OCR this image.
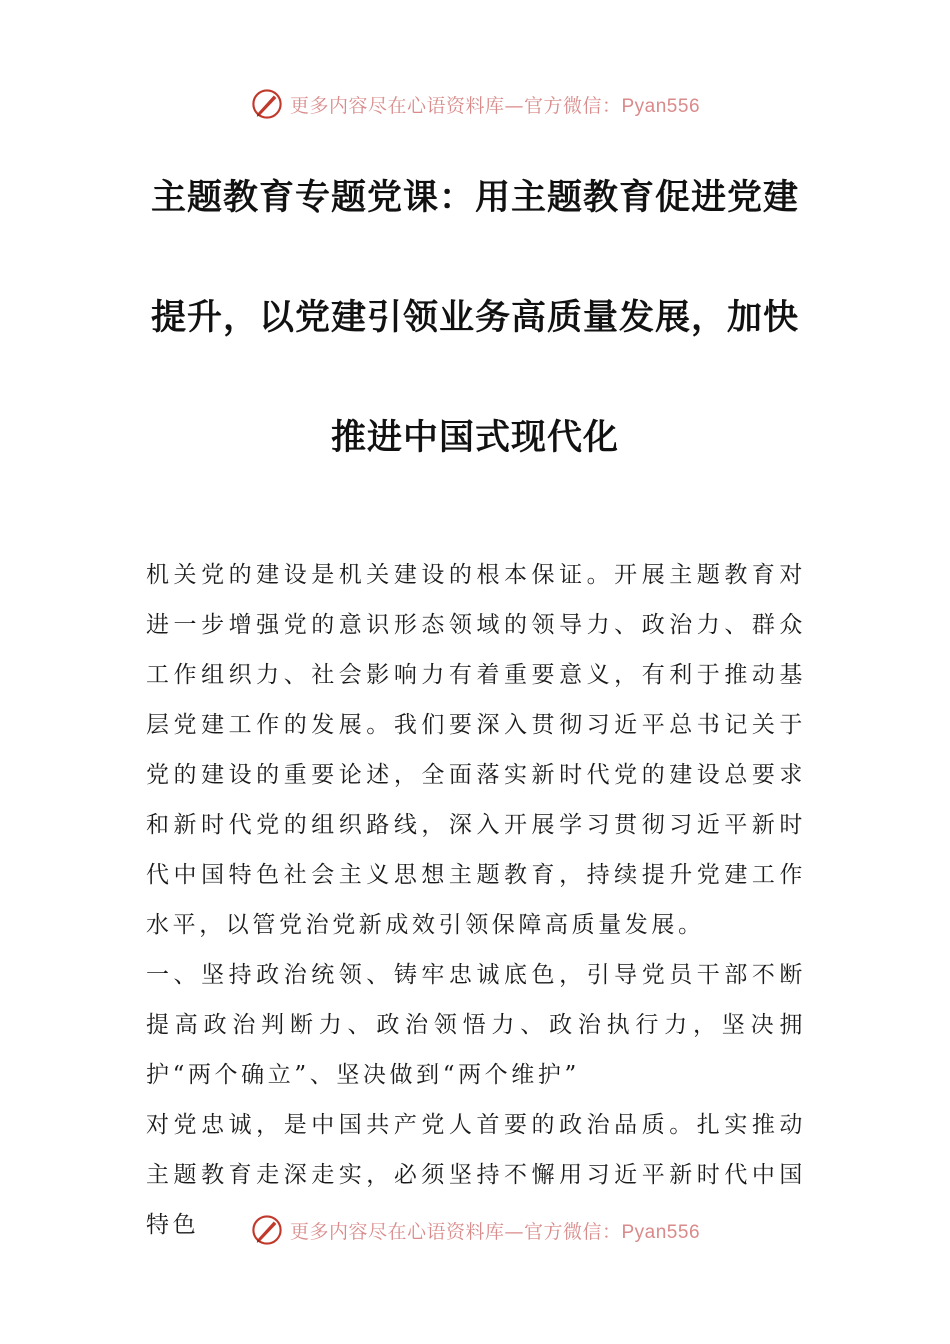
更多内容尽在心语资料库—官方微信：Pyan556
主题教育专题党课：用主题教育促进党建
提升，以党建引领业务高质量发展，加快
推进中国式现代化

机关党的建设是机关建设的根本保证。开展主题教育对进一步增强党的意识形态领域的领导力、政治力、群众工作组织力、社会影响力有着重要意义，有利于推动基层党建工作的发展。我们要深入贯彻习近平总书记关于党的建设的重要论述，全面落实新时代党的建设总要求和新时代党的组织路线，深入开展学习贯彻习近平新时代中国特色社会主义思想主题教育，持续提升党建工作水平，以管党治党新成效引领保障高质量发展。

一、坚持政治统领、铸牢忠诚底色，引导党员干部不断提高政治判断力、政治领悟力、政治执行力，坚决拥护“两个确立”、坚决做到“两个维护”

对党忠诚，是中国共产党人首要的政治品质。扎实推动主题教育走深走实，必须坚持不懈用习近平新时代中国特色	更多内容尽在心语资料库—官方微信：Pyan556
